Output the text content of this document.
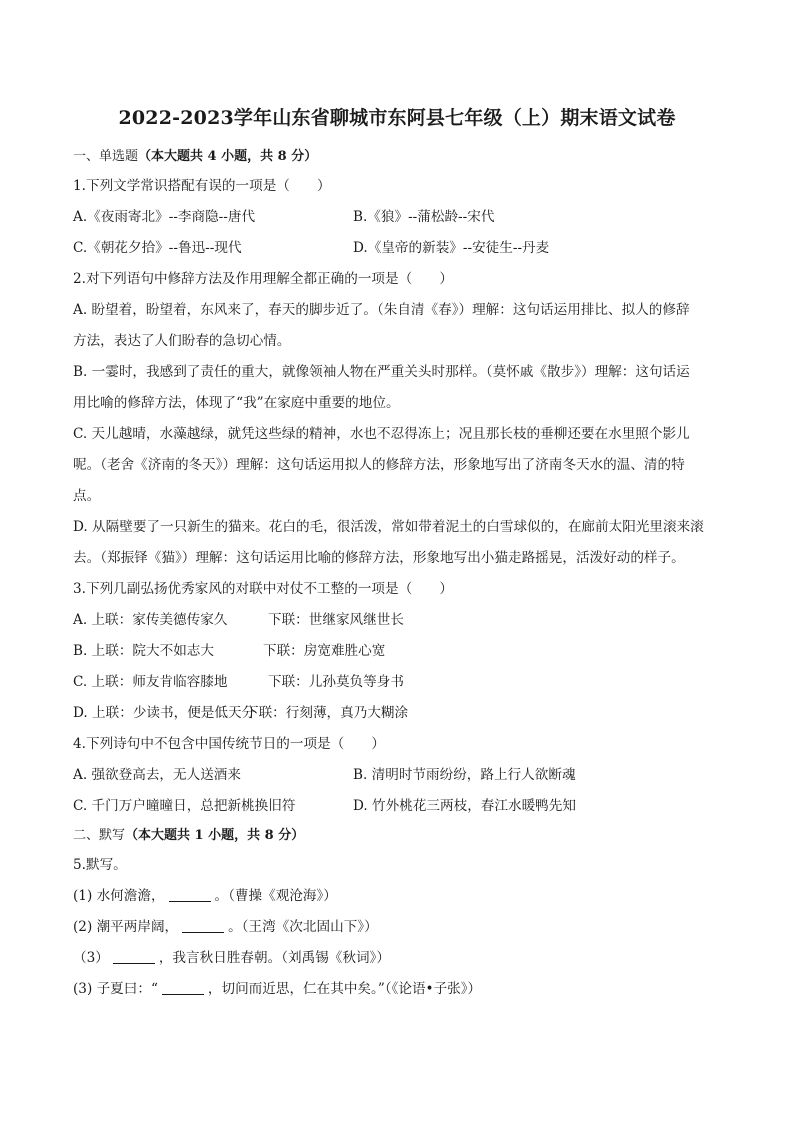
2022-2023学年山东省聊城市东阿县七年级（上）期末语文试卷
一、单选题（本大题共 4 小题，共 8 分）
1.下列文学常识搭配有误的一项是（　　）
A.《夜雨寄北》--李商隐--唐代	B.《狼》--蒲松龄--宋代
C.《朝花夕拾》--鲁迅--现代	D.《皇帝的新装》--安徒生--丹麦
2.对下列语句中修辞方法及作用理解全都正确的一项是（　　）
A. 盼望着，盼望着，东风来了，春天的脚步近了。（朱自清《春》）理解：这句话运用排比、拟人的修辞
方法，表达了人们盼春的急切心情。
B. 一霎时，我感到了责任的重大，就像领袖人物在严重关头时那样。（莫怀戚《散步》）理解：这句话运
用比喻的修辞方法，体现了“我”在家庭中重要的地位。
C. 天儿越晴，水藻越绿，就凭这些绿的精神，水也不忍得冻上；况且那长枝的垂柳还要在水里照个影儿
呢。（老舍《济南的冬天》）理解：这句话运用拟人的修辞方法，形象地写出了济南冬天水的温、清的特
点。
D. 从隔壁要了一只新生的猫来。花白的毛，很活泼，常如带着泥土的白雪球似的，在廊前太阳光里滚来滚
去。（郑振铎《猫》）理解：这句话运用比喻的修辞方法，形象地写出小猫走路摇晃，活泼好动的样子。
3.下列几副弘扬优秀家风的对联中对仗不工整的一项是（　　）
A. 上联：家传美德传家久	下联：世继家风继世长
B. 上联：院大不如志大	下联：房宽难胜心宽
C. 上联：师友肯临容膝地	下联：儿孙莫负等身书
D. 上联：少读书，便是低天分下联：行刻薄，真乃大糊涂
4.下列诗句中不包含中国传统节日的一项是（　　）
A. 强欲登高去，无人送酒来	B. 清明时节雨纷纷，路上行人欲断魂
C. 千门万户曈曈日，总把新桃换旧符	D. 竹外桃花三两枝，春江水暖鸭先知
二、默写（本大题共 1 小题，共 8 分）
5.默写。
(1) 水何澹澹，	。（曹操《观沧海》）
(2) 潮平两岸阔，	。（王湾《次北固山下》）
（3）	，我言秋日胜春朝。（刘禹锡《秋词》）
(3) 子夏曰：“	，切问而近思，仁在其中矣。”（《论语•子张》）
